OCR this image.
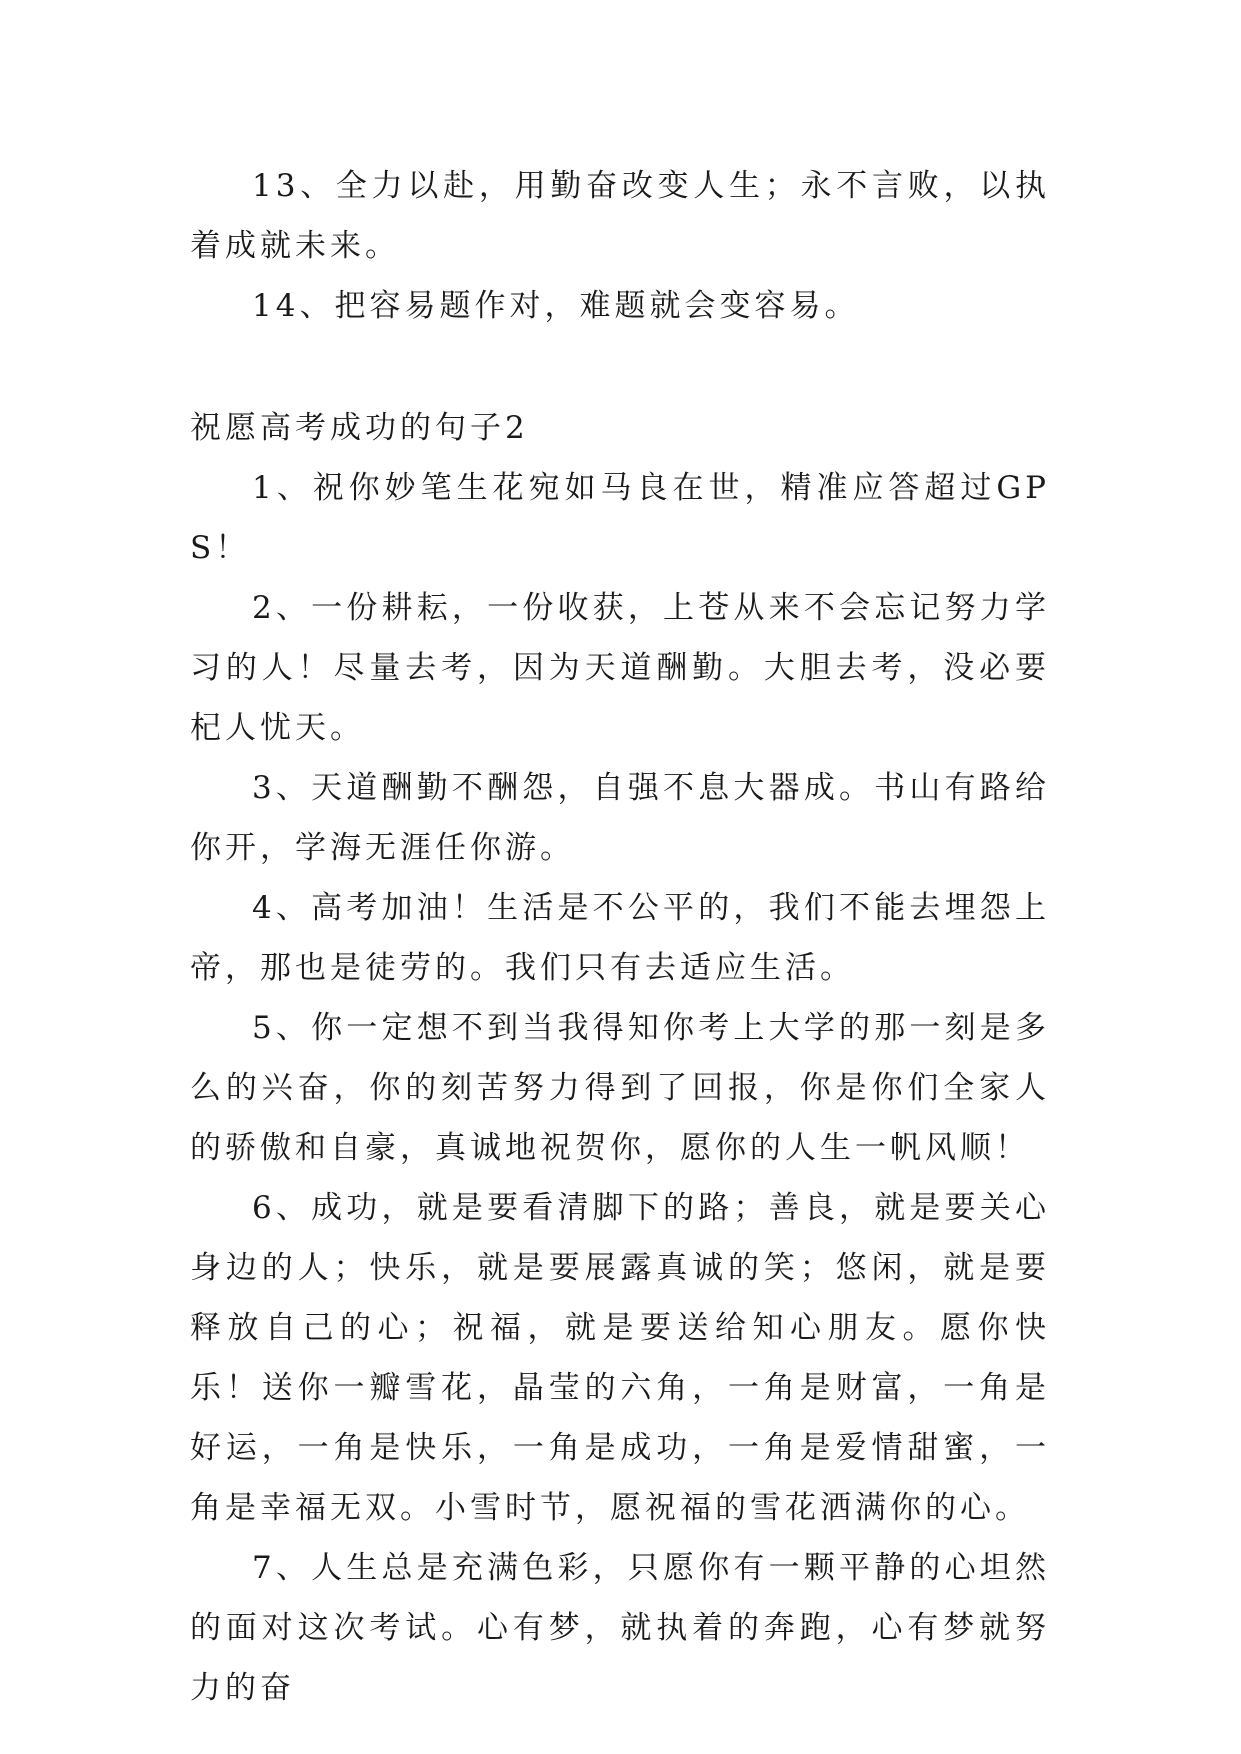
13、全力以赴，用勤奋改变人生；永不言败，以执着成就未来。

14、把容易题作对，难题就会变容易。

祝愿高考成功的句子2

1、祝你妙笔生花宛如马良在世，精准应答超过GPS！

2、一份耕耘，一份收获，上苍从来不会忘记努力学习的人！尽量去考，因为天道酬勤。大胆去考，没必要杞人忧天。

3、天道酬勤不酬怨，自强不息大器成。书山有路给你开，学海无涯任你游。

4、高考加油！生活是不公平的，我们不能去埋怨上帝，那也是徒劳的。我们只有去适应生活。

5、你一定想不到当我得知你考上大学的那一刻是多么的兴奋，你的刻苦努力得到了回报，你是你们全家人的骄傲和自豪，真诚地祝贺你，愿你的人生一帆风顺！

6、成功，就是要看清脚下的路；善良，就是要关心身边的人；快乐，就是要展露真诚的笑；悠闲，就是要释放自己的心；祝福，就是要送给知心朋友。愿你快乐！送你一瓣雪花，晶莹的六角，一角是财富，一角是好运，一角是快乐，一角是成功，一角是爱情甜蜜，一角是幸福无双。小雪时节，愿祝福的雪花洒满你的心。

7、人生总是充满色彩，只愿你有一颗平静的心坦然的面对这次考试。心有梦，就执着的奔跑，心有梦就努力的奋
